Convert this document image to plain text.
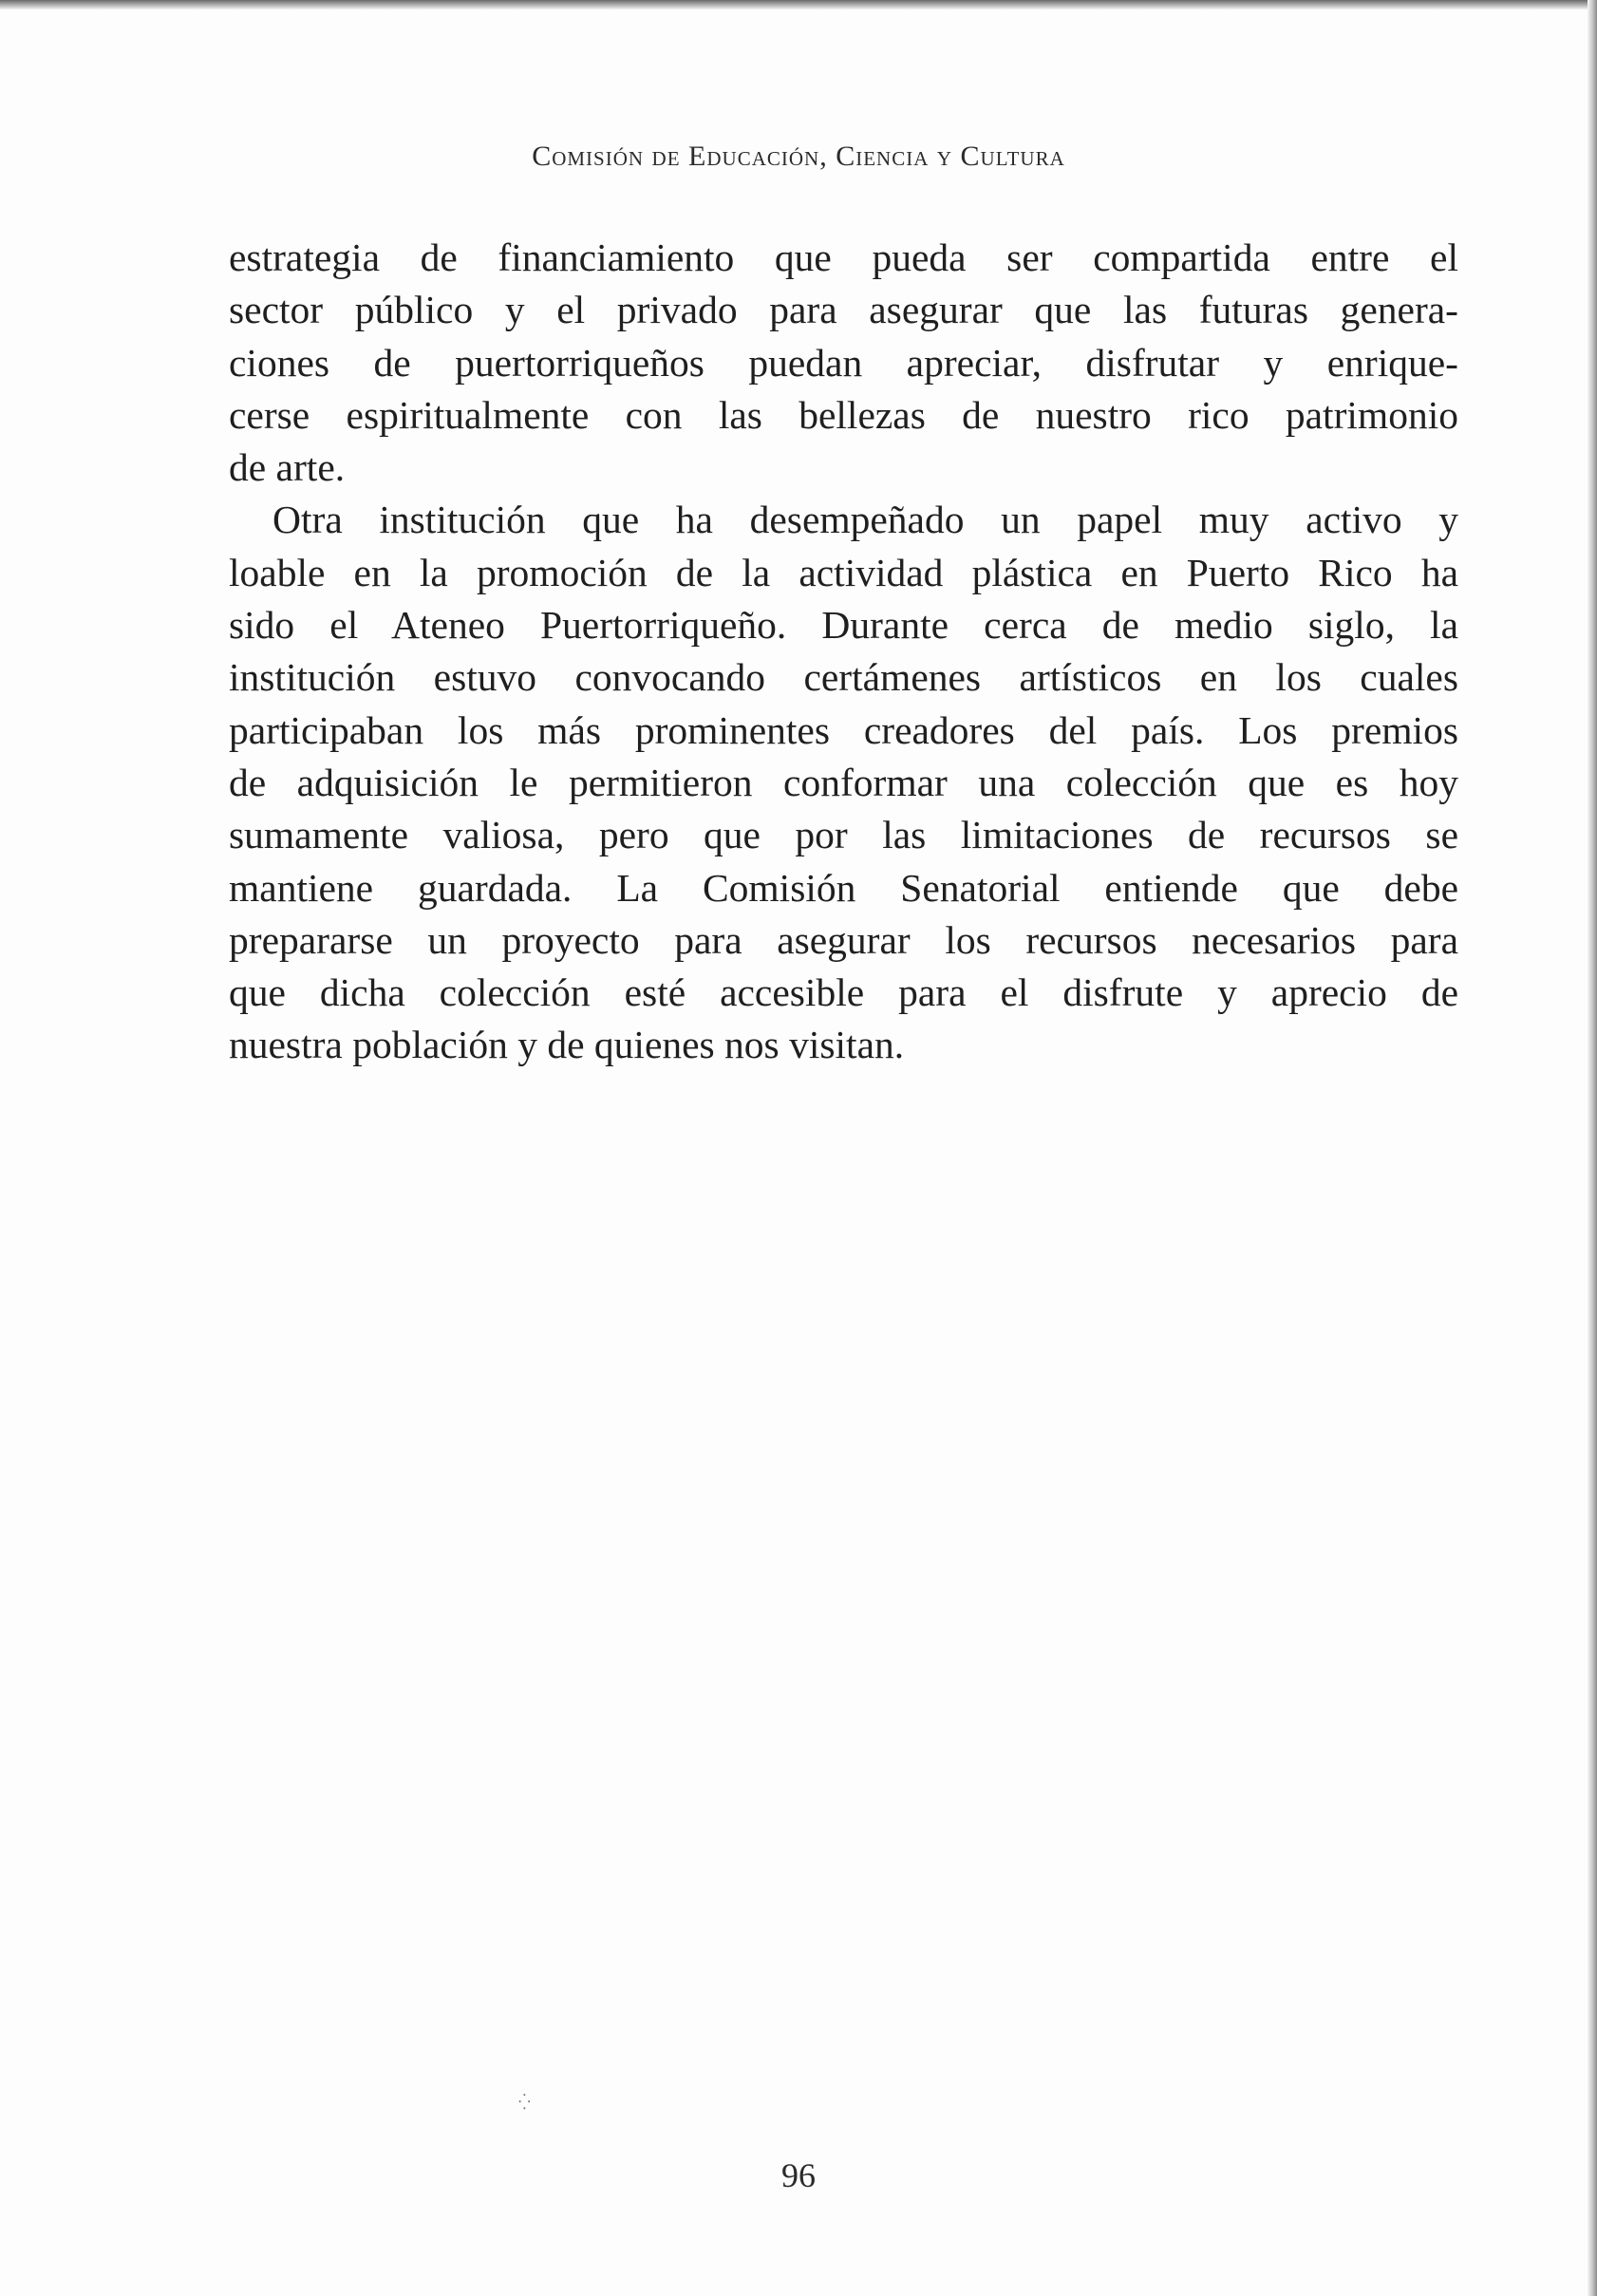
Comisión de Educación, Ciencia y Cultura
estrategia de financiamiento que pueda ser compartida entre el
sector público y el privado para asegurar que las futuras genera-
ciones de puertorriqueños puedan apreciar, disfrutar y enrique-
cerse espiritualmente con las bellezas de nuestro rico patrimonio
de arte.
Otra institución que ha desempeñado un papel muy activo y
loable en la promoción de la actividad plástica en Puerto Rico ha
sido el Ateneo Puertorriqueño. Durante cerca de medio siglo, la
institución estuvo convocando certámenes artísticos en los cuales
participaban los más prominentes creadores del país. Los premios
de adquisición le permitieron conformar una colección que es hoy
sumamente valiosa, pero que por las limitaciones de recursos se
mantiene guardada. La Comisión Senatorial entiende que debe
prepararse un proyecto para asegurar los recursos necesarios para
que dicha colección esté accesible para el disfrute y aprecio de
nuestra población y de quienes nos visitan.
⁛
96
